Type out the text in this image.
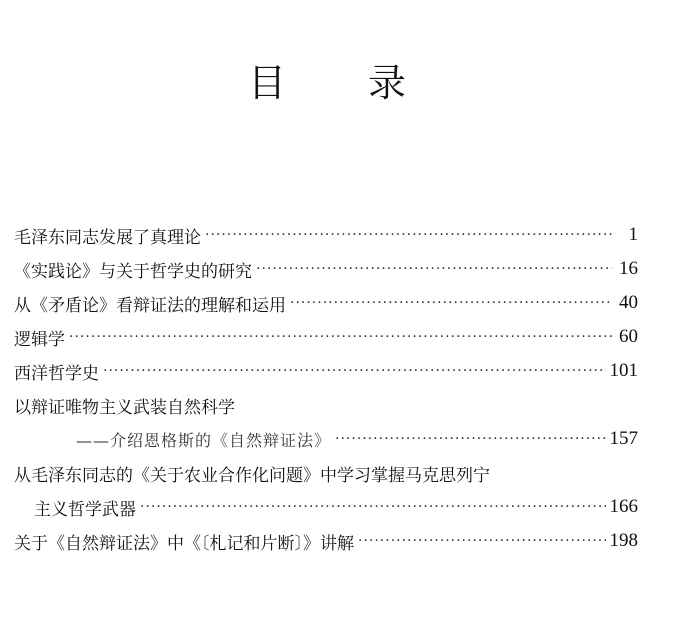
目 录
毛泽东同志发展了真理论 ·····	1
《实践论》与关于哲学史的研究 ·····	16
从《矛盾论》看辩证法的理解和运用 ·····	40
逻辑学 ·····	60
西洋哲学史 ·····	101
以辩证唯物主义武装自然科学
——介绍恩格斯的《自然辩证法》 ·····	157
从毛泽东同志的《关于农业合作化问题》中学习掌握马克思列宁
主义哲学武器 ·····	166
关于《自然辩证法》中《〔札记和片断〕》讲解 ·····	198
